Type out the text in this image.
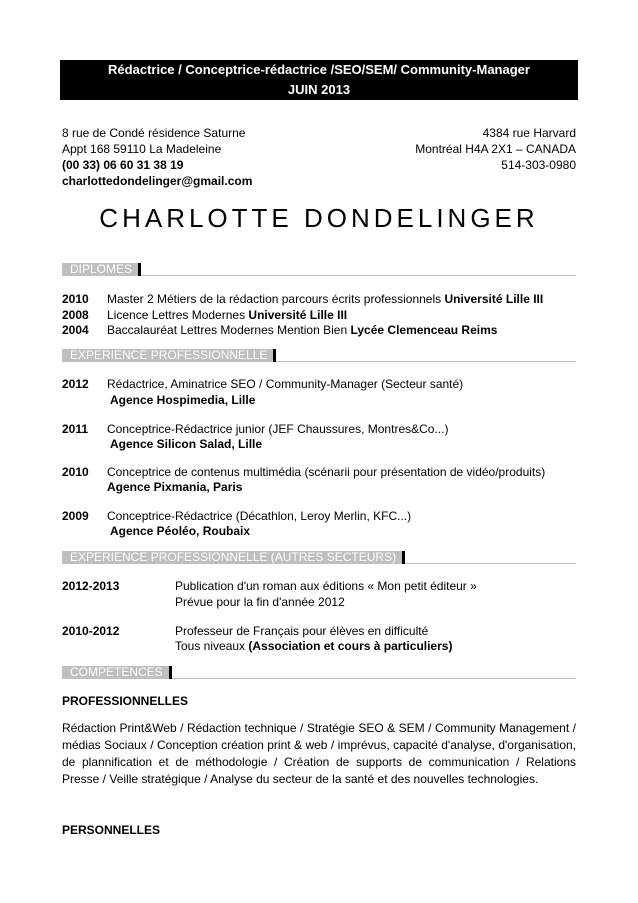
Rédactrice / Conceptrice-rédactrice /SEO/SEM/ Community-Manager
JUIN 2013
8 rue de Condé résidence Saturne
Appt 168 59110 La Madeleine
(00 33) 06 60 31 38 19
charlottedondelinger@gmail.com
4384 rue Harvard
Montréal H4A 2X1 – CANADA
514-303-0980
CHARLOTTE DONDELINGER
DIPLOMES
2010 Master 2 Métiers de la rédaction parcours écrits professionnels Université Lille III
2008 Licence Lettres Modernes Université Lille III
2004 Baccalauréat Lettres Modernes Mention Bien Lycée Clemenceau Reims
EXPERIENCE PROFESSIONNELLE
2012 Rédactrice, Aminatrice SEO / Community-Manager (Secteur santé)
Agence Hospimedia, Lille
2011 Conceptrice-Rédactrice junior (JEF Chaussures, Montres&Co...)
Agence Silicon Salad, Lille
2010 Conceptrice de contenus multimédia (scénarii pour présentation de vidéo/produits)
Agence Pixmania, Paris
2009 Conceptrice-Rédactrice (Décathlon, Leroy Merlin, KFC...)
Agence Péoléo, Roubaix
EXPERIENCE PROFESSIONNELLE (AUTRES SECTEURS)
2012-2013	Publication d'un roman aux éditions « Mon petit éditeur »
Prévue pour la fin d'année 2012
2010-2012	Professeur de Français pour élèves en difficulté
Tous niveaux (Association et cours à particuliers)
COMPETENCES
PROFESSIONNELLES
Rédaction Print&Web / Rédaction technique / Stratégie SEO & SEM / Community Management / médias Sociaux / Conception création print & web / imprévus, capacité d'analyse, d'organisation, de plannification et de méthodologie / Création de supports de communication / Relations Presse / Veille stratégique / Analyse du secteur de la santé et des nouvelles technologies.
PERSONNELLES
